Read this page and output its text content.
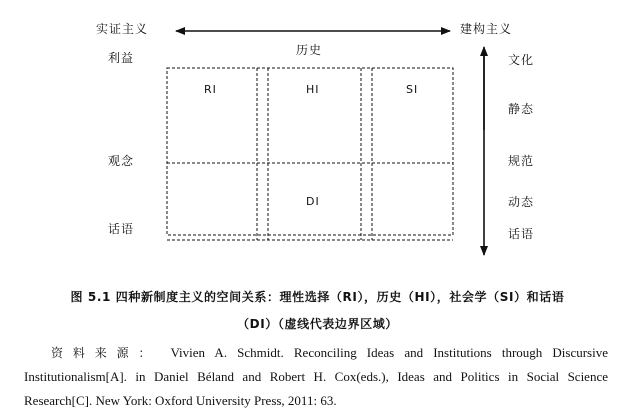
实证主义	建构主义
历史
利益
观念
话语
文化
静态
规范
动态
话语
RI	HI	SI
DI
图 5.1 四种新制度主义的空间关系：理性选择（RI），历史（HI），社会学（SI）和话语
（DI）（虚线代表边界区域）
资料来源： Vivien A. Schmidt. Reconciling Ideas and Institutions through Discursive Institutionalism[A]. in Daniel Béland and Robert H. Cox(eds.), Ideas and Politics in Social Science Research[C]. New York: Oxford University Press, 2011: 63.
